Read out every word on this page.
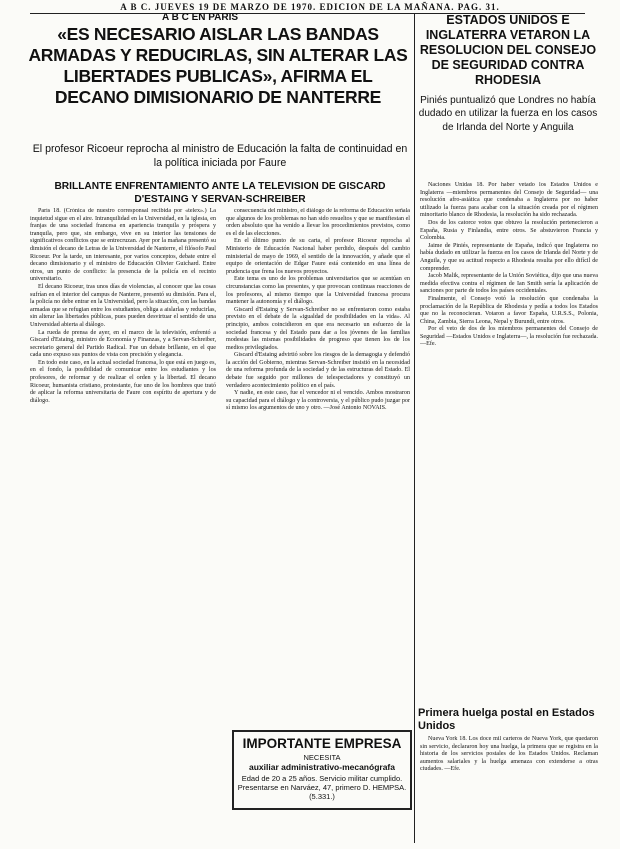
A B C. JUEVES 19 DE MARZO DE 1970. EDICION DE LA MAÑANA. PAG. 31.
A B C EN PARIS
«ES NECESARIO AISLAR LAS BANDAS ARMADAS Y REDUCIRLAS, SIN ALTERAR LAS LIBERTADES PUBLICAS», AFIRMA EL DECANO DIMISIONARIO DE NANTERRE
El profesor Ricoeur reprocha al ministro de Educación la falta de continuidad en la política iniciada por Faure
BRILLANTE ENFRENTAMIENTO ANTE LA TELEVISION DE GISCARD D'ESTAING Y SERVAN-SCHREIBER

París 18. (Crónica de nuestro corresponsal recibida por «telex».) La inquietud sigue en el aire. Intranquilidad en la Universidad, en la iglesia, en franjas de una sociedad francesa en apariencia tranquila y próspera y tranquila, pero que, sin embargo, vive en su interior las tensiones de significativos conflictos que se entrecruzan. Ayer por la mañana presentó su dimisión el decano de Letras de la Universidad de Nanterre, el filósofo Paul Ricoeur. Por la tarde, un interesante, por varios conceptos, debate entre el decano dimisionario y el ministro de Educación Olivier Guichard. Entre otros, un punto de conflicto: la presencia de la policía en el recinto universitario.

El decano Ricoeur, tras unos días de violencias, al conocer que las cosas sufrían en el interior del campus de Nanterre, presentó su dimisión. Para el, la policía no debe entrar en la Universidad, pero la situación, con las bandas armadas que se refugian entre los estudiantes, obliga a aislarlas y reducirlas, sin alterar las libertades públicas, pues pueden desvirtuar el sentido de una Universidad abierta al diálogo.

La rueda de prensa de ayer, en el marco de la televisión, enfrentó a Giscard d'Estaing, ministro de Economía y Finanzas, y a Servan-Schreiber, secretario general del Partido Radical. Fue un debate brillante, en el que cada uno expuso sus puntos de vista con precisión y elegancia.

En todo este caso, en la actual sociedad francesa, lo que está en juego es, en el fondo, la posibilidad de comunicar entre los estudiantes y los profesores, de reformar y de realizar el orden y la libertad. El decano Ricoeur, humanista cristiano, protestante, fue uno de los hombres que trató de aplicar la reforma universitaria de Faure con espíritu de apertura y de diálogo.

consecuencia del ministro, el diálogo de la reforma de Educación señala que algunos de los problemas no han sido resueltos y que se manifiestan el orden absoluto que ha venido a llevar los procedimientos previstos, como es el de las elecciones.

En el último punto de su carta, el profesor Ricoeur reprocha al Ministerio de Educación Nacional haber perdido, después del cambio ministerial de mayo de 1969, el sentido de la innovación, y añade que el equipo de orientación de Edgar Faure está contenido en una línea de prudencia que frena los nuevos proyectos.

Este tema es uno de los problemas universitarios que se acentúan en circunstancias como las presentes, y que provocan continuas reacciones de los profesores, al mismo tiempo que la Universidad francesa procura mantener la autonomía y el diálogo.

Giscard d'Estaing y Servan-Schreiber no se enfrentaron como estaba previsto en el debate de la «igualdad de posibilidades en la vida». Al principio, ambos coincidieron en que era necesario un esfuerzo de la sociedad francesa y del Estado para dar a los jóvenes de las familias modestas las mismas posibilidades de progreso que tienen los de los medios privilegiados.

Giscard d'Estaing advirtió sobre los riesgos de la demagogia y defendió la acción del Gobierno, mientras Servan-Schreiber insistió en la necesidad de una reforma profunda de la sociedad y de las estructuras del Estado. El debate fue seguido por millones de telespectadores y constituyó un verdadero acontecimiento político en el país.

Y nadie, en este caso, fue el vencedor ni el vencido. Ambos mostraron su capacidad para el diálogo y la controversia, y el público pudo juzgar por sí mismo los argumentos de uno y otro. —José Antonio NOVAIS.

IMPORTANTE EMPRESA
NECESITA
auxiliar administrativo-mecanógrafa
Edad de 20 a 25 años. Servicio militar cumplido. Presentarse en Narváez, 47, primero D. HEMPSA. (5.331.)
ESTADOS UNIDOS E INGLATERRA VETARON LA RESOLUCION DEL CONSEJO DE SEGURIDAD CONTRA RHODESIA
Piniés puntualizó que Londres no había dudado en utilizar la fuerza en los casos de Irlanda del Norte y Anguila

Naciones Unidas 18. Por haber vetado los Estados Unidos e Inglaterra —miembros permanentes del Consejo de Seguridad— una resolución afro-asiática que condenaba a Inglaterra por no haber utilizado la fuerza para acabar con la situación creada por el régimen minoritario blanco de Rhodesia, la resolución ha sido rechazada.

Dos de los catorce votos que obtuvo la resolución pertenecieron a España, Rusia y Finlandia, entre otros. Se abstuvieron Francia y Colombia.

Jaime de Piniés, representante de España, indicó que Inglaterra no había dudado en utilizar la fuerza en los casos de Irlanda del Norte y de Anguila, y que su actitud respecto a Rhodesia resulta por ello difícil de comprender.

Jacob Malik, representante de la Unión Soviética, dijo que una nueva medida efectiva contra el régimen de Ian Smith sería la aplicación de sanciones por parte de todos los países occidentales.

Finalmente, el Consejo votó la resolución que condenaba la proclamación de la República de Rhodesia y pedía a todos los Estados que no la reconocieran. Votaron a favor España, U.R.S.S., Polonia, China, Zambia, Sierra Leona, Nepal y Burundi, entre otros.

Por el veto de dos de los miembros permanentes del Consejo de Seguridad —Estados Unidos e Inglaterra—, la resolución fue rechazada. —Efe.

Primera huelga postal en Estados Unidos

Nueva York 18. Los doce mil carteros de Nueva York, que quedaron sin servicio, declararon hoy una huelga, la primera que se registra en la historia de los servicios postales de los Estados Unidos. Reclaman aumentos salariales y la huelga amenaza con extenderse a otras ciudades. —Efe.
